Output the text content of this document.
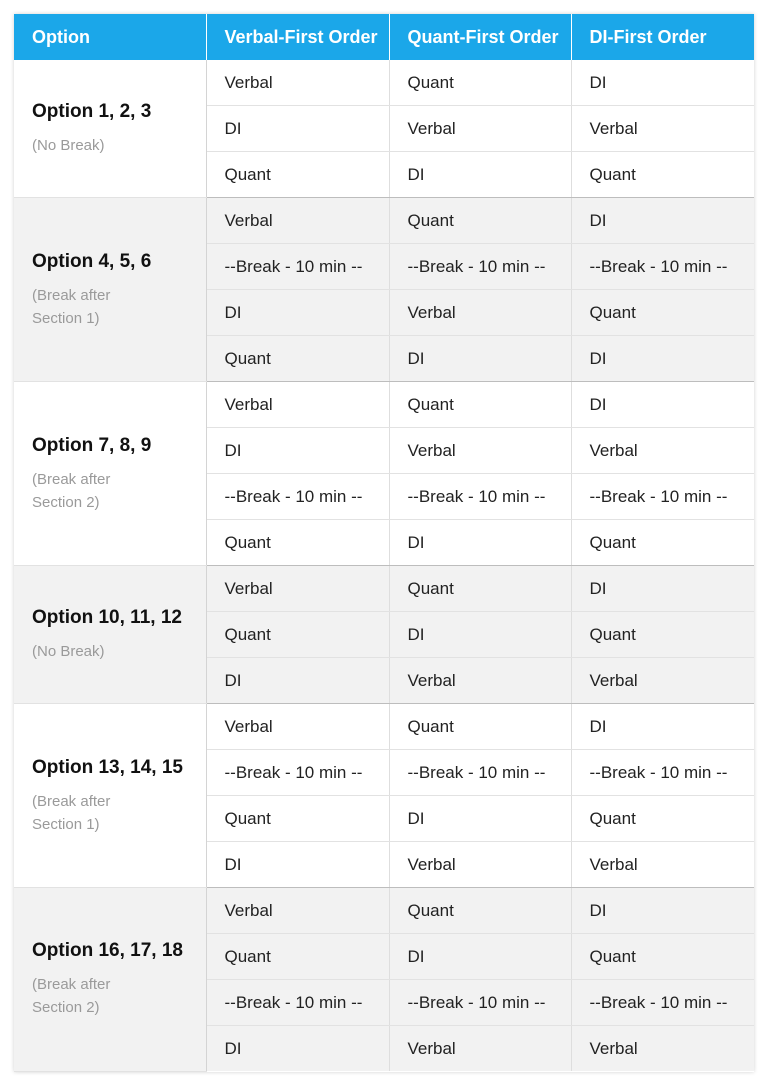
Option	Verbal-First Order	Quant-First Order	DI-First Order

Option 1, 2, 3
(No Break)	Verbal	Quant	DI
	DI	Verbal	Verbal
	Quant	DI	Quant

Option 4, 5, 6
(Break after Section 1)	Verbal	Quant	DI
	--Break - 10 min --	--Break - 10 min --	--Break - 10 min --
	DI	Verbal	Quant
	Quant	DI	DI

Option 7, 8, 9
(Break after Section 2)	Verbal	Quant	DI
	DI	Verbal	Verbal
	--Break - 10 min --	--Break - 10 min --	--Break - 10 min --
	Quant	DI	Quant

Option 10, 11, 12
(No Break)	Verbal	Quant	DI
	Quant	DI	Quant
	DI	Verbal	Verbal

Option 13, 14, 15
(Break after Section 1)	Verbal	Quant	DI
	--Break - 10 min --	--Break - 10 min --	--Break - 10 min --
	Quant	DI	Quant
	DI	Verbal	Verbal

Option 16, 17, 18
(Break after Section 2)	Verbal	Quant	DI
	Quant	DI	Quant
	--Break - 10 min --	--Break - 10 min --	--Break - 10 min --
	DI	Verbal	Verbal
